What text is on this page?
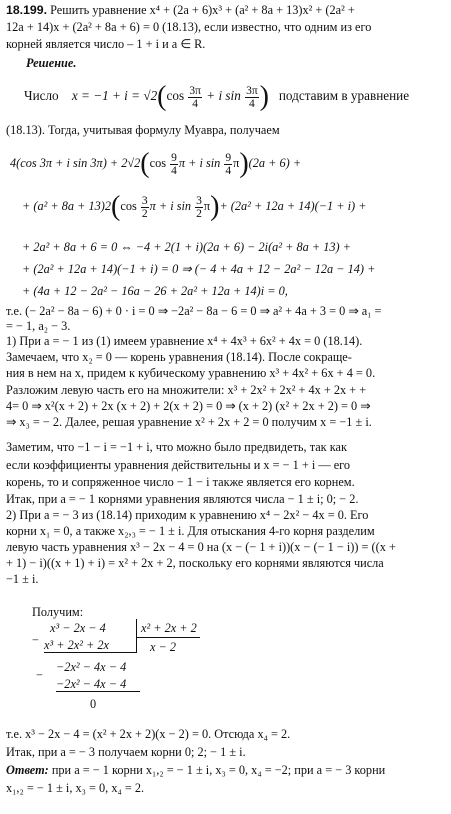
18.199. Решить уравнение x⁴ + (2a + 6)x³ + (a² + 8a + 13)x² + (2a² +
12a + 14)x + (2a² + 8a + 6) = 0 (18.13), если известно, что одним из его
корней является число – 1 + i и a ∈ R.
Решение.
Число $x = -1 + i = √2(\cos \frac{3\pi}{4} + i$ $\sin \frac{3\pi}{4}$ ) подставим в уравнение
(18.13). Тогда, учитывая формулу Муавра, получаем
4(cos 3π + i $\sin 3\pi) + 2√2(\cos \frac{9}{4}$ π + i $\sin \frac{9}{4} \pi)(2a + 6)$ +
+ $(a^2 + 8a + 13)2(\cos \frac{3}{2}$ π + i $\sin \frac{3}{2} \pi)+ (2a^2 + 12a + 14)(-1 + i)$ +
+ 2a² + 8a + 6 = 0 ⇔ −4 + 2(1 + i)(2a + 6) − 2i(a² + 8a + 13) +
+ (2a² + 12a + 14)(−1 + i) = 0 ⇒ (− 4 + 4a + 12 − 2a² − 12a − 14) +
+ (4a + 12 − 2a² − 16a − 26 + 2a² + 12a + 14)i = 0,
т.е. (− 2a² − 8a − 6) + 0 · i = 0 ⇒ −2a² − 8a − 6 = 0 ⇒ a² + 4a + 3 = 0 ⇒ a₁ =
= − 1, a₂ − 3.
1) При a = − 1 из (1) имеем уравнение x⁴ + 4x³ + 6x² + 4x = 0 (18.14).
Замечаем, что x₂ = 0 — корень уравнения (18.14). После сокраще-
ния в нем на x, придем к кубическому уравнению x³ + 4x² + 6x + 4 = 0.
Разложим левую часть его на множители: x³ + 2x² + 2x² + 4x + 2x + +
4= 0 ⇒ x²(x + 2) + 2x (x + 2) + 2(x + 2) = 0 ⇒ (x + 2) (x² + 2x + 2) = 0 ⇒
⇒ x₃ = − 2. Далее, решая уравнение x² + 2x + 2 = 0 получим x = −1 ± i.
Заметим, что −1 − i = −1 + i, что можно было предвидеть, так как
если коэффициенты уравнения действительны и x = − 1 + i — его
корень, то и сопряженное число − 1 − i также является его корнем.
Итак, при a = − 1 корнями уравнения являются числа − 1 ± i; 0; − 2.
2) При a = − 3 из (18.14) приходим к уравнению x⁴ − 2x² − 4x = 0. Его
корни x₁ = 0, а также x₂,₃ = − 1 ± i. Для отыскания 4-го корня разделим
левую часть уравнения x³ − 2x − 4 = 0 на (x − (− 1 + i))(x − (− 1 − i)) = ((x +
+ 1) − i)((x + 1) + i) = x² + 2x + 2, поскольку его корнями являются числа
−1 ± i.
Получим:
−
x³ − 2x − 4	x² + 2x + 2
x³ + 2x² + 2x	x − 2
−
−2x² − 4x − 4
−2x² − 4x − 4
0
т.е. x³ − 2x − 4 = (x² + 2x + 2)(x − 2) = 0. Отсюда x₄ = 2.
Итак, при a = − 3 получаем корни 0; 2; − 1 ± i.
Ответ: при a = − 1 корни x₁,₂ = − 1 ± i, x₃ = 0, x₄ = −2; при a = − 3 корни
x₁,₂ = − 1 ± i, x₃ = 0, x₄ = 2.
